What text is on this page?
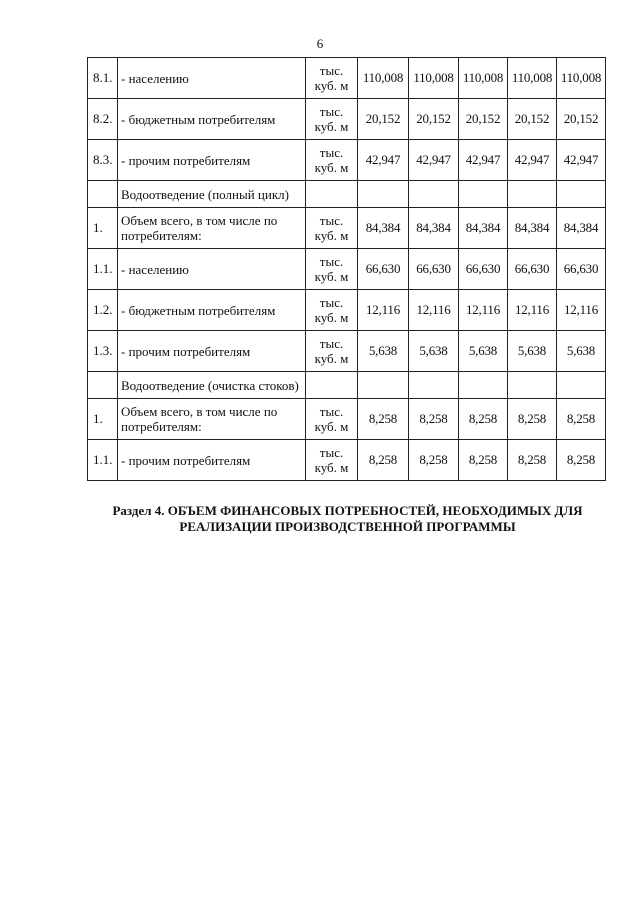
6
8.1.	- населению	тыс. куб. м	110,008	110,008	110,008	110,008	110,008
8.2.	- бюджетным потребителям	тыс. куб. м	20,152	20,152	20,152	20,152	20,152
8.3.	- прочим потребителям	тыс. куб. м	42,947	42,947	42,947	42,947	42,947
	Водоотведение (полный цикл)						
1.	Объем всего, в том числе по потребителям:	тыс. куб. м	84,384	84,384	84,384	84,384	84,384
1.1.	- населению	тыс. куб. м	66,630	66,630	66,630	66,630	66,630
1.2.	- бюджетным потребителям	тыс. куб. м	12,116	12,116	12,116	12,116	12,116
1.3.	- прочим потребителям	тыс. куб. м	5,638	5,638	5,638	5,638	5,638
	Водоотведение (очистка стоков)						
1.	Объем всего, в том числе по потребителям:	тыс. куб. м	8,258	8,258	8,258	8,258	8,258
1.1.	- прочим потребителям	тыс. куб. м	8,258	8,258	8,258	8,258	8,258
Раздел 4. ОБЪЕМ ФИНАНСОВЫХ ПОТРЕБНОСТЕЙ, НЕОБХОДИМЫХ ДЛЯ РЕАЛИЗАЦИИ ПРОИЗВОДСТВЕННОЙ ПРОГРАММЫ
